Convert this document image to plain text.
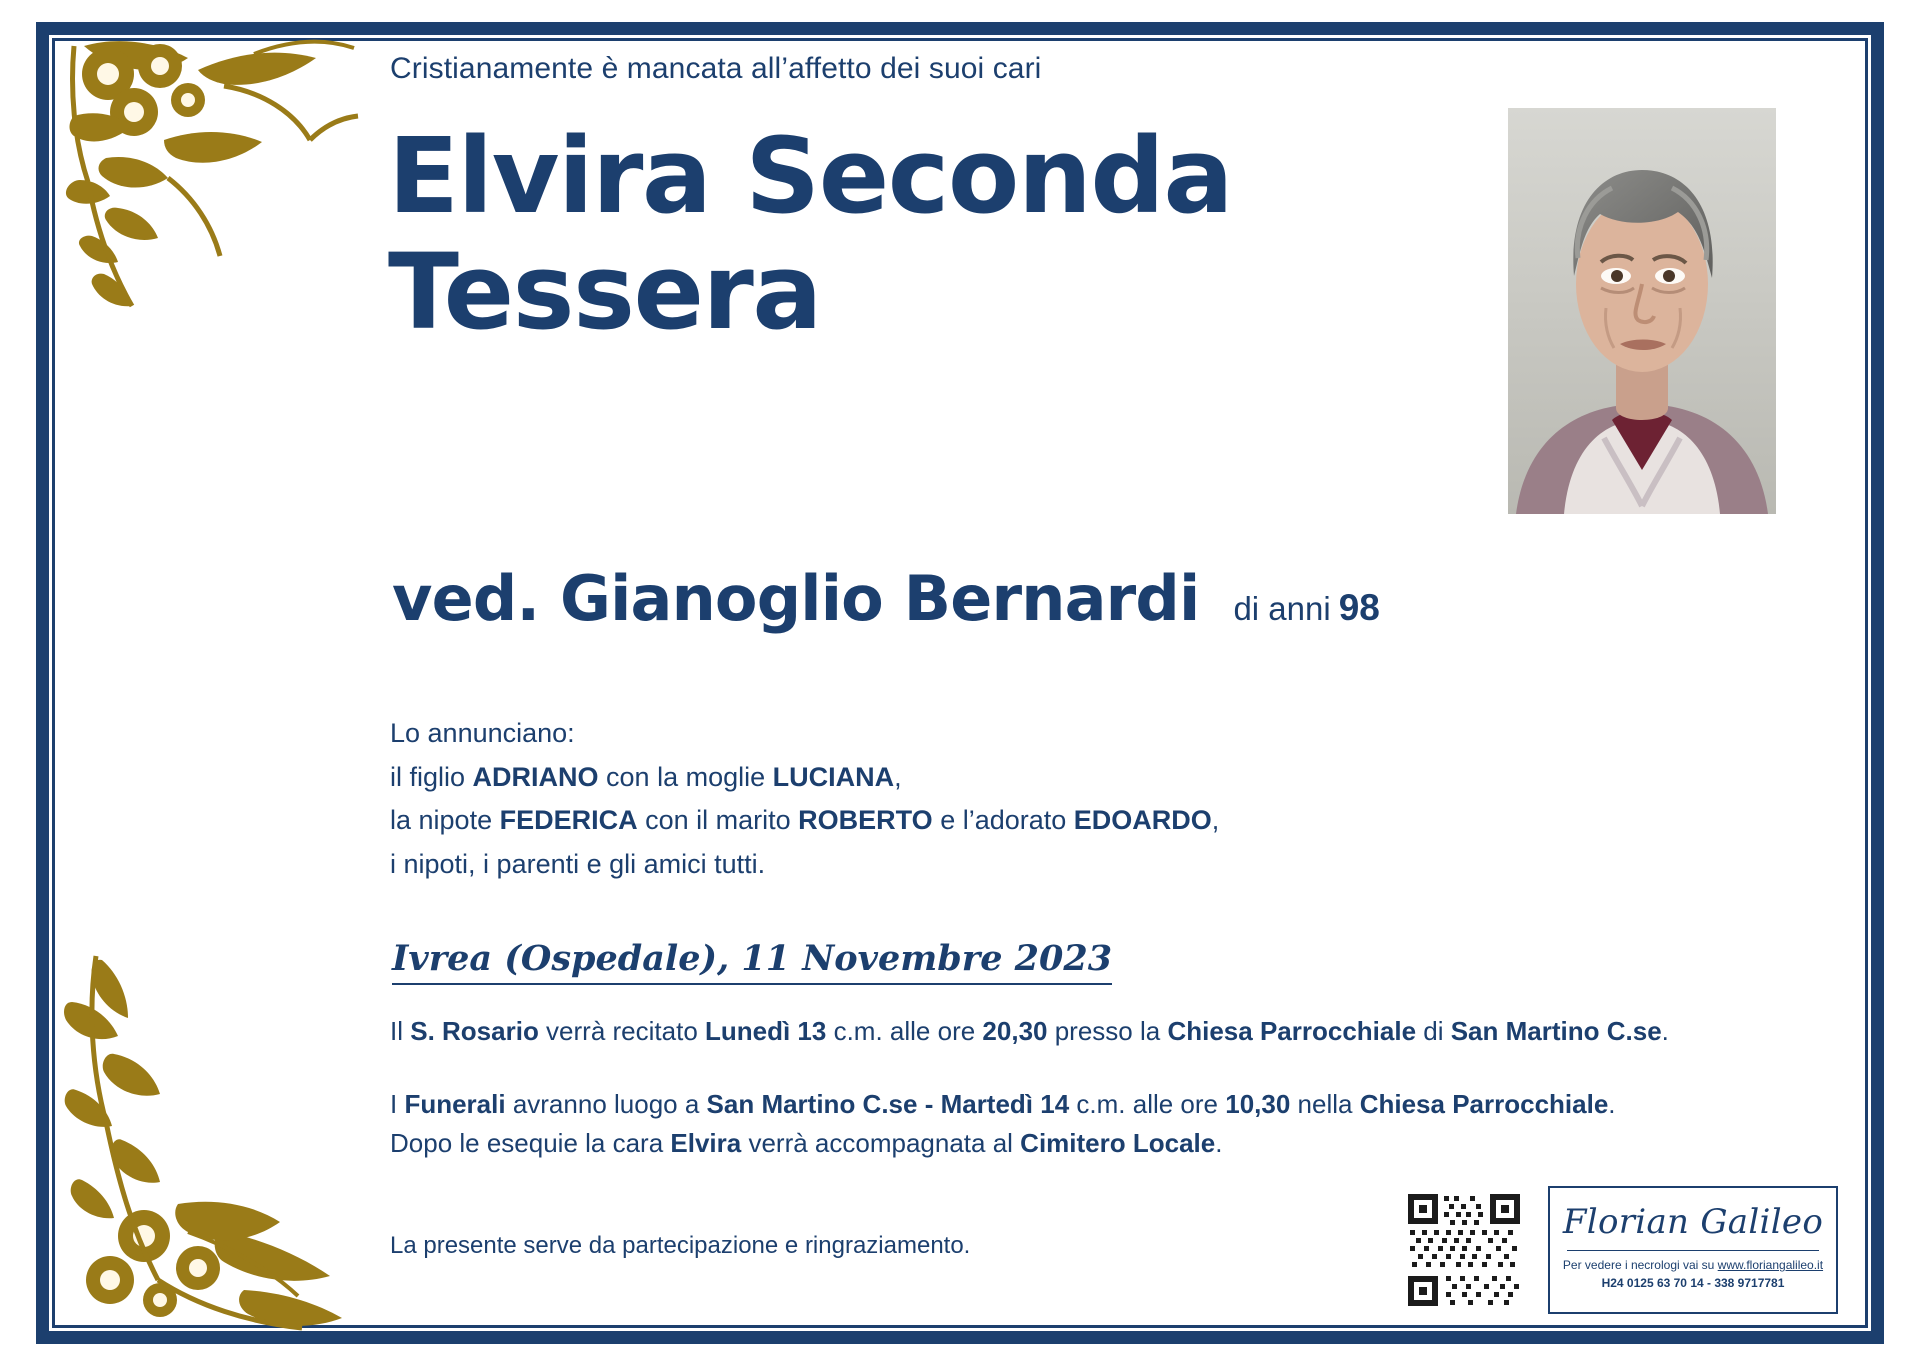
Cristianamente è mancata all’affetto dei suoi cari
Elvira Seconda
Tessera
ved. Gianoglio Bernardi di anni 98
Lo annunciano:
il figlio ADRIANO con la moglie LUCIANA,
la nipote FEDERICA con il marito ROBERTO e l’adorato EDOARDO,
i nipoti, i parenti e gli amici tutti.
Ivrea (Ospedale), 11 Novembre 2023
Il S. Rosario verrà recitato Lunedì 13 c.m. alle ore 20,30 presso la Chiesa Parrocchiale di San Martino C.se.
I Funerali avranno luogo a San Martino C.se - Martedì 14 c.m. alle ore 10,30 nella Chiesa Parrocchiale.
Dopo le esequie la cara Elvira verrà accompagnata al Cimitero Locale.
La presente serve da partecipazione e ringraziamento.
Florian Galileo
Per vedere i necrologi vai su www.floriangalileo.it
H24 0125 63 70 14 - 338 9717781
